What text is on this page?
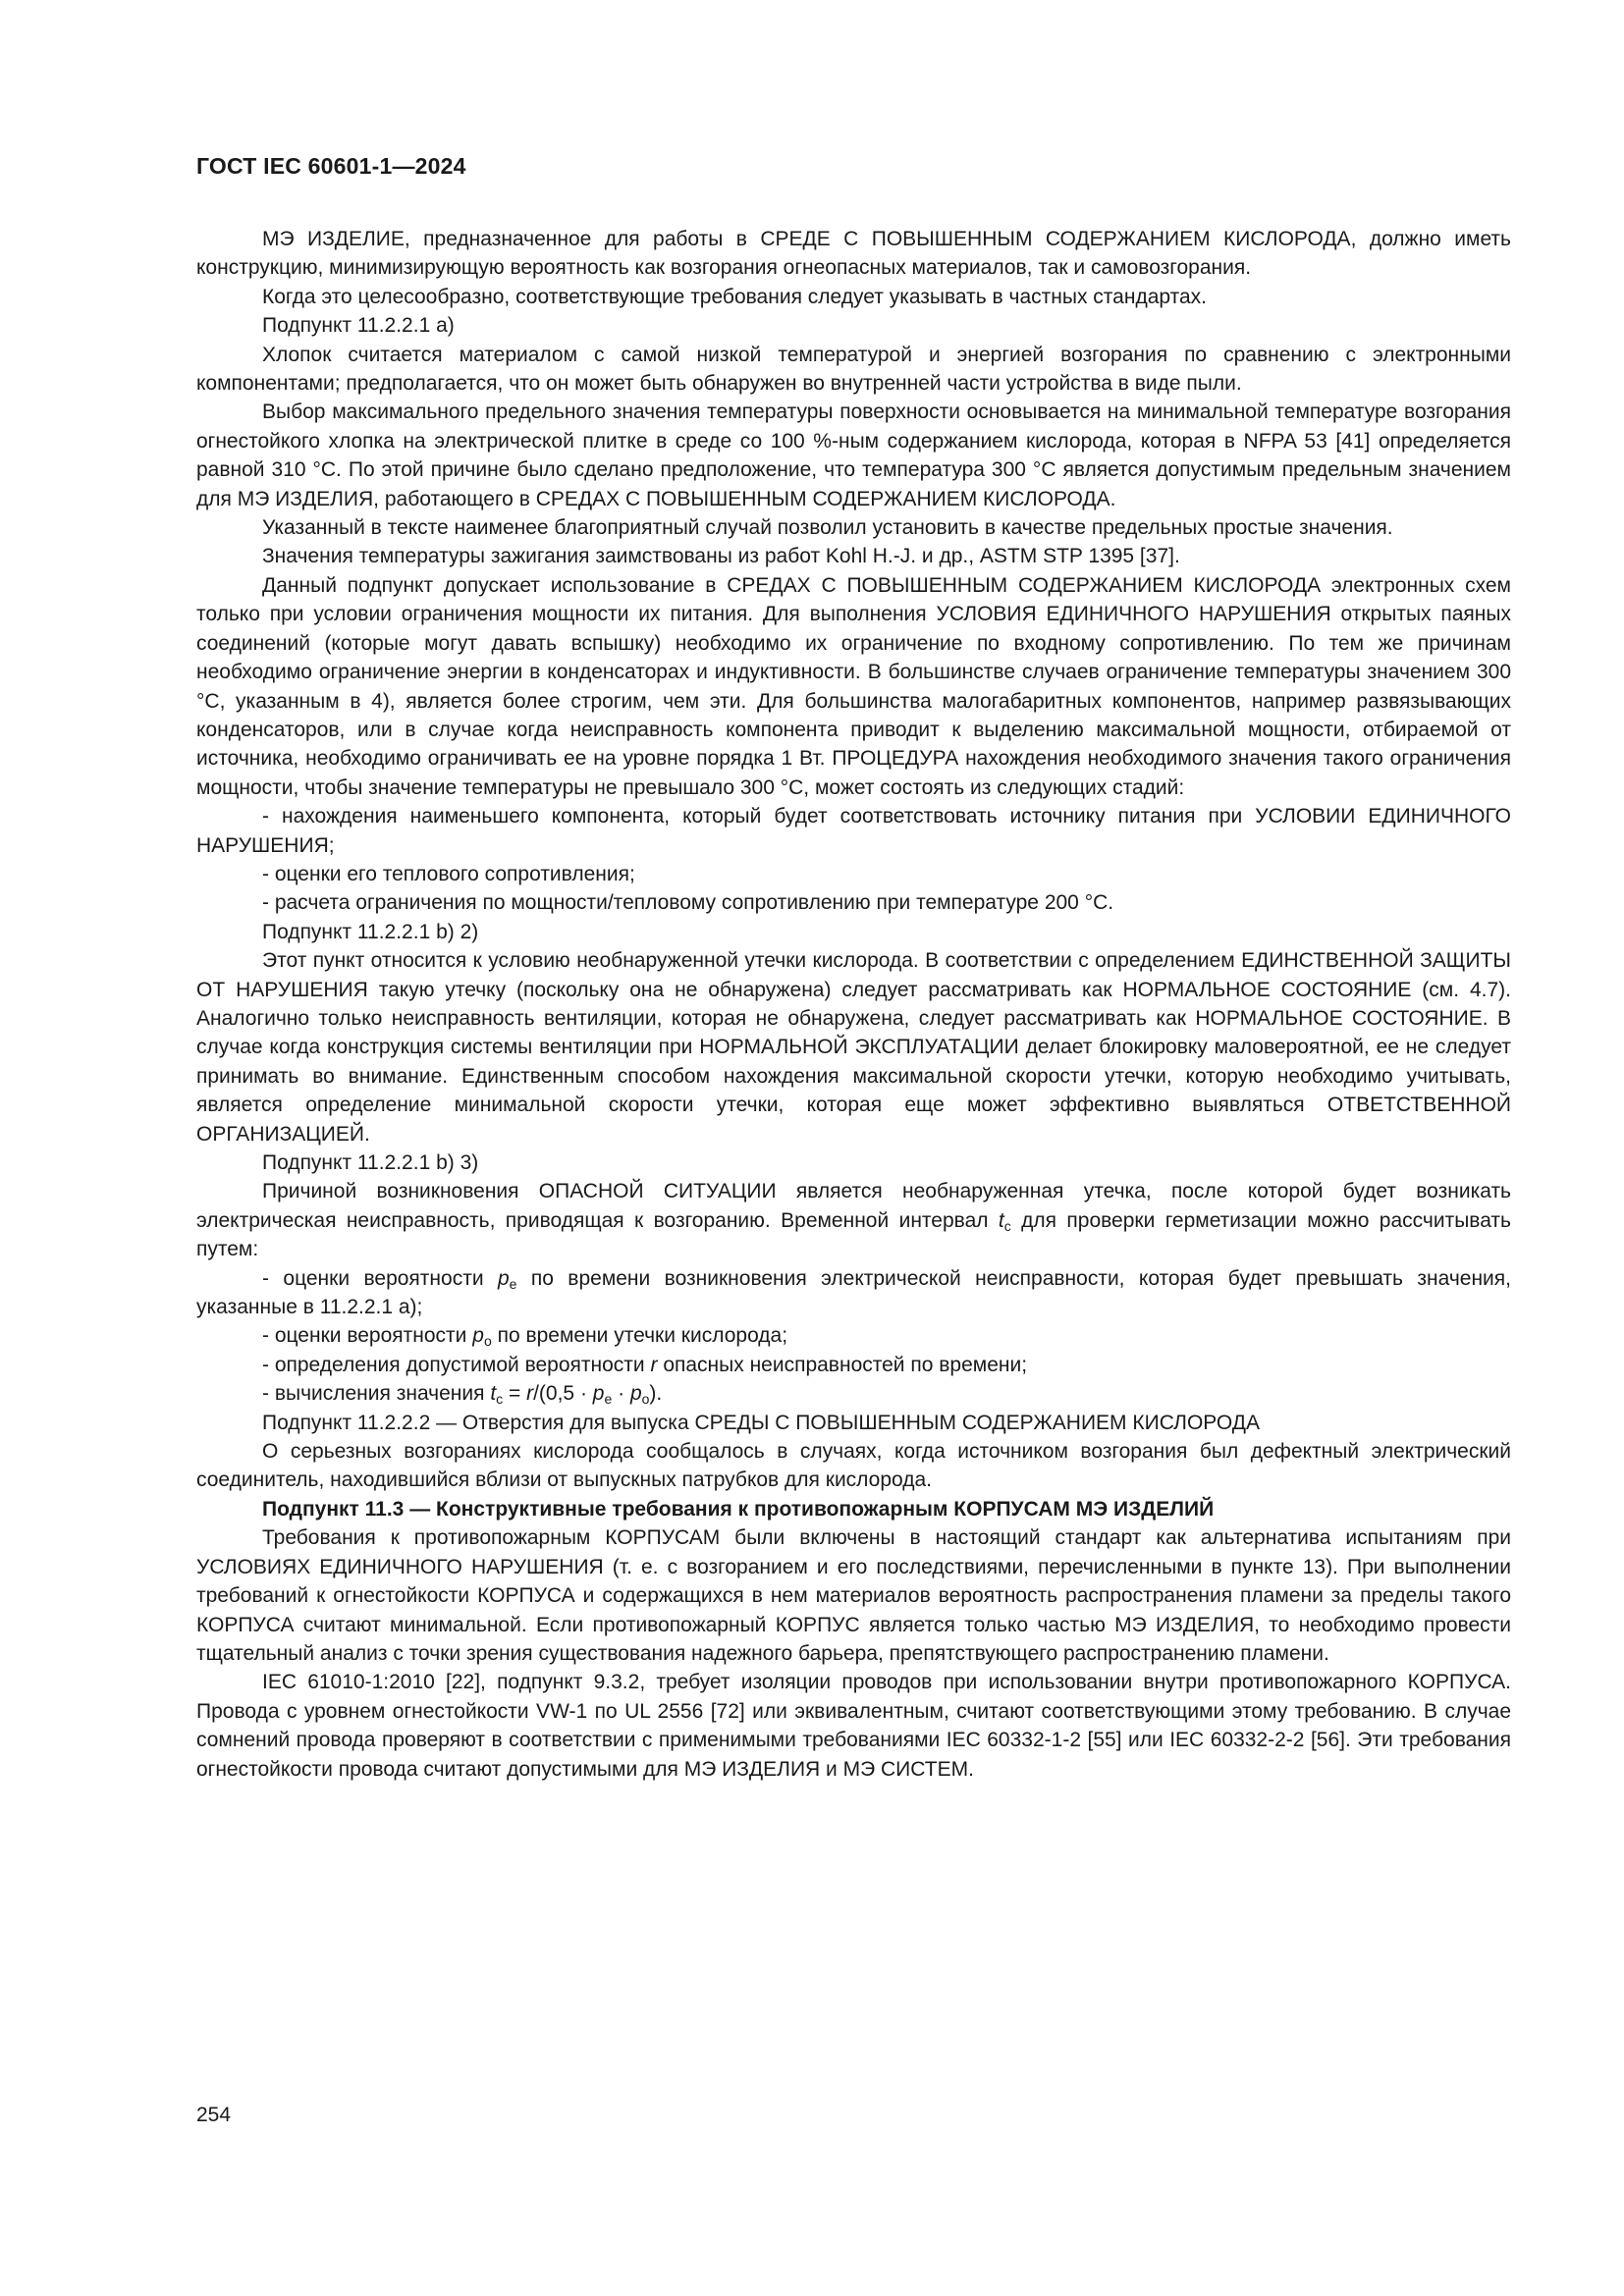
ГОСТ IEC 60601-1—2024

МЭ ИЗДЕЛИЕ, предназначенное для работы в СРЕДЕ С ПОВЫШЕННЫМ СОДЕРЖАНИЕМ КИСЛОРОДА, должно иметь конструкцию, минимизирующую вероятность как возгорания огнеопасных материалов, так и самовозгорания.

Когда это целесообразно, соответствующие требования следует указывать в частных стандартах.

Подпункт 11.2.2.1 а)

Хлопок считается материалом с самой низкой температурой и энергией возгорания по сравнению с электронными компонентами; предполагается, что он может быть обнаружен во внутренней части устройства в виде пыли.

Выбор максимального предельного значения температуры поверхности основывается на минимальной температуре возгорания огнестойкого хлопка на электрической плитке в среде со 100 %-ным содержанием кислорода, которая в NFPA 53 [41] определяется равной 310 °С. По этой причине было сделано предположение, что температура 300 °С является допустимым предельным значением для МЭ ИЗДЕЛИЯ, работающего в СРЕДАХ С ПОВЫШЕННЫМ СОДЕРЖАНИЕМ КИСЛОРОДА.

Указанный в тексте наименее благоприятный случай позволил установить в качестве предельных простые значения.

Значения температуры зажигания заимствованы из работ Kohl H.-J. и др., ASTM STP 1395 [37].

Данный подпункт допускает использование в СРЕДАХ С ПОВЫШЕННЫМ СОДЕРЖАНИЕМ КИСЛОРОДА электронных схем только при условии ограничения мощности их питания. Для выполнения УСЛОВИЯ ЕДИНИЧНОГО НАРУШЕНИЯ открытых паяных соединений (которые могут давать вспышку) необходимо их ограничение по входному сопротивлению. По тем же причинам необходимо ограничение энергии в конденсаторах и индуктивности. В большинстве случаев ограничение температуры значением 300 °С, указанным в 4), является более строгим, чем эти. Для большинства малогабаритных компонентов, например развязывающих конденсаторов, или в случае когда неисправность компонента приводит к выделению максимальной мощности, отбираемой от источника, необходимо ограничивать ее на уровне порядка 1 Вт. ПРОЦЕДУРА нахождения необходимого значения такого ограничения мощности, чтобы значение температуры не превышало 300 °С, может состоять из следующих стадий:

- нахождения наименьшего компонента, который будет соответствовать источнику питания при УСЛОВИИ ЕДИНИЧНОГО НАРУШЕНИЯ;

- оценки его теплового сопротивления;

- расчета ограничения по мощности/тепловому сопротивлению при температуре 200 °С.

Подпункт 11.2.2.1 b) 2)

Этот пункт относится к условию необнаруженной утечки кислорода. В соответствии с определением ЕДИНСТВЕННОЙ ЗАЩИТЫ ОТ НАРУШЕНИЯ такую утечку (поскольку она не обнаружена) следует рассматривать как НОРМАЛЬНОЕ СОСТОЯНИЕ (см. 4.7). Аналогично только неисправность вентиляции, которая не обнаружена, следует рассматривать как НОРМАЛЬНОЕ СОСТОЯНИЕ. В случае когда конструкция системы вентиляции при НОРМАЛЬНОЙ ЭКСПЛУАТАЦИИ делает блокировку маловероятной, ее не следует принимать во внимание. Единственным способом нахождения максимальной скорости утечки, которую необходимо учитывать, является определение минимальной скорости утечки, которая еще может эффективно выявляться ОТВЕТСТВЕННОЙ ОРГАНИЗАЦИЕЙ.

Подпункт 11.2.2.1 b) 3)

Причиной возникновения ОПАСНОЙ СИТУАЦИИ является необнаруженная утечка, после которой будет возникать электрическая неисправность, приводящая к возгоранию. Временной интервал $t_c$ для проверки герметизации можно рассчитывать путем:

- оценки вероятности $p_e$ по времени возникновения электрической неисправности, которая будет превышать значения, указанные в 11.2.2.1 а);

- оценки вероятности $p_o$ по времени утечки кислорода;

- определения допустимой вероятности r опасных неисправностей по времени;

- вычисления значения $t_c = r/(0,5 \cdot p_e \cdot p_o)$.

Подпункт 11.2.2.2 — Отверстия для выпуска СРЕДЫ С ПОВЫШЕННЫМ СОДЕРЖАНИЕМ КИСЛОРОДА

О серьезных возгораниях кислорода сообщалось в случаях, когда источником возгорания был дефектный электрический соединитель, находившийся вблизи от выпускных патрубков для кислорода.

Подпункт 11.3 — Конструктивные требования к противопожарным КОРПУСАМ МЭ ИЗДЕЛИЙ

Требования к противопожарным КОРПУСАМ были включены в настоящий стандарт как альтернатива испытаниям при УСЛОВИЯХ ЕДИНИЧНОГО НАРУШЕНИЯ (т. е. с возгоранием и его последствиями, перечисленными в пункте 13). При выполнении требований к огнестойкости КОРПУСА и содержащихся в нем материалов вероятность распространения пламени за пределы такого КОРПУСА считают минимальной. Если противопожарный КОРПУС является только частью МЭ ИЗДЕЛИЯ, то необходимо провести тщательный анализ с точки зрения существования надежного барьера, препятствующего распространению пламени.

IEC 61010-1:2010 [22], подпункт 9.3.2, требует изоляции проводов при использовании внутри противопожарного КОРПУСА. Провода с уровнем огнестойкости VW-1 по UL 2556 [72] или эквивалентным, считают соответствующими этому требованию. В случае сомнений провода проверяют в соответствии с применимыми требованиями IEC 60332-1-2 [55] или IEC 60332-2-2 [56]. Эти требования огнестойкости провода считают допустимыми для МЭ ИЗДЕЛИЯ и МЭ СИСТЕМ.

254
